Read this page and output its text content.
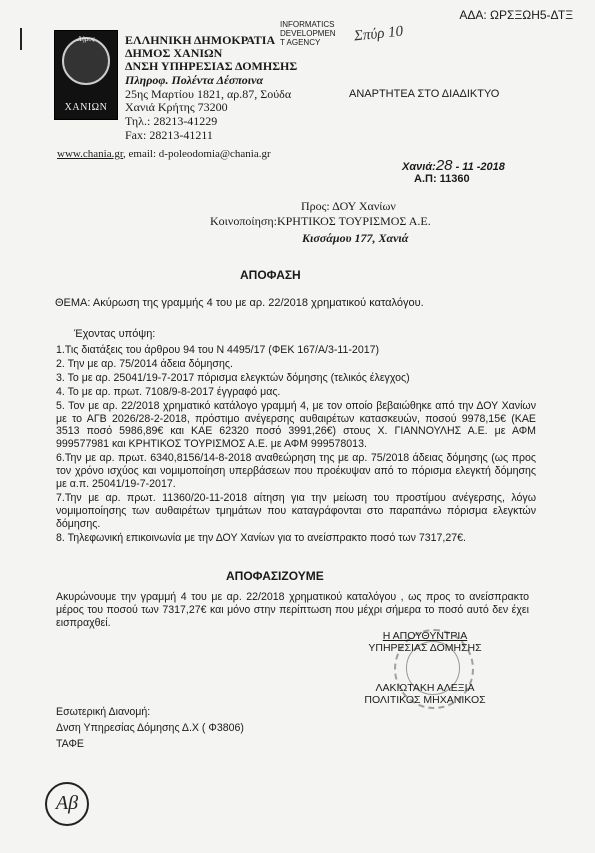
ΑΔΑ: ΩΡΣΞΩΗ5-ΔΤΞ
Δήμος
ΧΑΝΙΩΝ
ΕΛΛΗΝΙΚΗ ΔΗΜΟΚΡΑΤΙΑ
ΔΗΜΟΣ ΧΑΝΙΩΝ
ΔΝΣΗ ΥΠΗΡΕΣΙΑΣ ΔΟΜΗΣΗΣ
Πληροφ. Πολέντα Δέσποινα
25ης Μαρτίου 1821, αρ.87, Σούδα
Χανιά Κρήτης 73200
Τηλ.: 28213-41229
Fax: 28213-41211
INFORMATICS
DEVELOPMEN
T AGENCY	Σπύρ 10
ΑΝΑΡΤΗΤΕΑ ΣΤΟ ΔΙΑΔΙΚΤΥΟ
www.chania.gr, email: d-poleodomia@chania.gr
Χανιά:28 - 11 -2018
Α.Π: 11360
Προς: ΔΟΥ Χανίων
Κοινοποίηση:ΚΡΗΤΙΚΟΣ ΤΟΥΡΙΣΜΟΣ Α.Ε.
Κισσάμου 177, Χανιά
ΑΠΟΦΑΣΗ
ΘΕΜΑ: Ακύρωση της γραμμής 4 του με αρ. 22/2018 χρηματικού καταλόγου.
Έχοντας υπόψη:

1.Τις διατάξεις του άρθρου 94 του Ν 4495/17 (ΦΕΚ 167/Α/3-11-2017)

2. Την με αρ. 75/2014 άδεια δόμησης.

3. Το με αρ. 25041/19-7-2017 πόρισμα ελεγκτών δόμησης (τελικός έλεγχος)

4. Το με αρ. πρωτ. 7108/9-8-2017 έγγραφό μας.

5. Τον με αρ. 22/2018 χρηματικό κατάλογο γραμμή 4, με τον οποίο βεβαιώθηκε από την ΔΟΥ Χανίων με το ΑΓΒ 2026/28-2-2018, πρόστιμο ανέγερσης αυθαιρέτων κατασκευών, ποσού 9978,15€ (ΚΑΕ 3513 ποσό 5986,89€ και ΚΑΕ 62320 ποσό 3991,26€) στους Χ. ΓΙΑΝΝΟΥΛΗΣ Α.Ε. με ΑΦΜ 999577981 και ΚΡΗΤΙΚΟΣ ΤΟΥΡΙΣΜΟΣ Α.Ε. με ΑΦΜ 999578013.

6.Την με αρ. πρωτ. 6340,8156/14-8-2018 αναθεώρηση της με αρ. 75/2018 άδειας δόμησης (ως προς τον χρόνο ισχύος και νομιμοποίηση υπερβάσεων που προέκυψαν από το πόρισμα ελεγκτή δόμησης με α.π. 25041/19-7-2017.

7.Την με αρ. πρωτ. 11360/20-11-2018 αίτηση για την μείωση του προστίμου ανέγερσης, λόγω νομιμοποίησης των αυθαιρέτων τμημάτων που καταγράφονται στο παραπάνω πόρισμα ελεγκτών δόμησης.

8. Τηλεφωνική επικοινωνία με την ΔΟΥ Χανίων για το ανείσπρακτο ποσό των 7317,27€.

ΑΠΟΦΑΣΙΖΟΥΜΕ
Ακυρώνουμε την γραμμή 4 του με αρ. 22/2018 χρηματικού καταλόγου , ως προς το ανείσπρακτο μέρος του ποσού των 7317,27€ και μόνο στην περίπτωση που μέχρι σήμερα το ποσό αυτό δεν έχει εισπραχθεί.
Η ΑΠΟΥΘΥΝΤΡΙΑ
ΥΠΗΡΕΣΙΑΣ ΔΟΜΗΣΗΣ
ΛΑΚΙΩΤΑΚΗ ΑΛΕΞΙΑ
ΠΟΛΙΤΙΚΟΣ ΜΗΧΑΝΙΚΟΣ
Εσωτερική Διανομή:
Δνση Υπηρεσίας Δόμησης Δ.Χ ( Φ3806)
ΤΑΦΕ
Αβ
